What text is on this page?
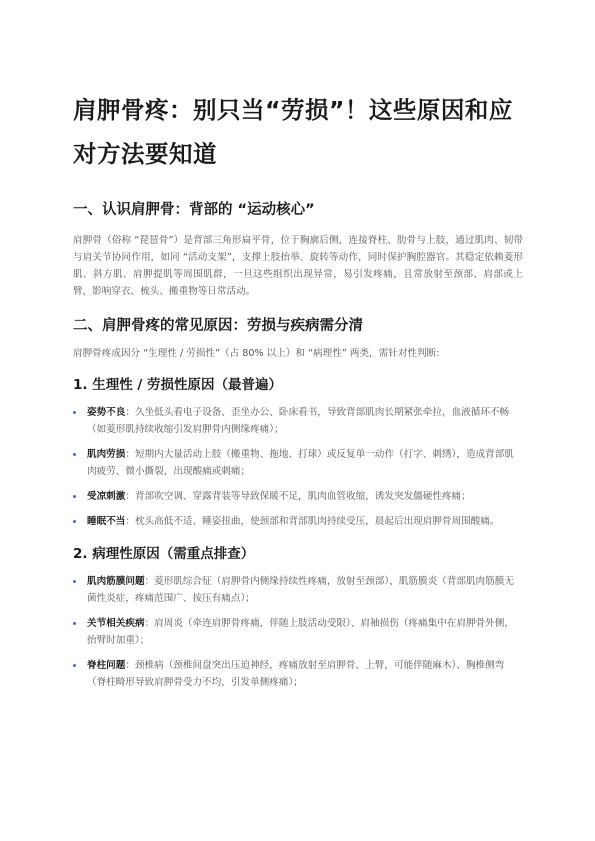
肩胛骨疼：别只当“劳损”！这些原因和应对方法要知道
一、认识肩胛骨：背部的 “运动核心”

肩胛骨（俗称 “琵琶骨”）是背部三角形扁平骨，位于胸廓后侧，连接脊柱、肋骨与上肢，通过肌肉、韧带与肩关节协同作用，如同 “活动支架”，支撑上肢抬举、旋转等动作，同时保护胸腔器官。其稳定依赖菱形肌、斜方肌、肩胛提肌等周围肌群，一旦这些组织出现异常，易引发疼痛，且常放射至颈部、肩部或上臂，影响穿衣、梳头、搬重物等日常活动。

二、肩胛骨疼的常见原因：劳损与疾病需分清

肩胛骨疼成因分 “生理性 / 劳损性”（占 80% 以上）和 “病理性” 两类，需针对性判断:

1. 生理性 / 劳损性原因（最普遍）
姿势不良：久坐低头看电子设备、歪坐办公、卧床看书，导致背部肌肉长期紧张牵拉，血液循环不畅（如菱形肌持续收缩引发肩胛骨内侧缘疼痛）；
肌肉劳损：短期内大量活动上肢（搬重物、拖地、打球）或反复单一动作（打字、刺绣），造成背部肌肉疲劳、微小撕裂，出现酸痛或刺痛；
受凉刺激：背部吹空调、穿露背装等导致保暖不足，肌肉血管收缩，诱发突发僵硬性疼痛；
睡眠不当：枕头高低不适、睡姿扭曲，使颈部和背部肌肉持续受压，晨起后出现肩胛骨周围酸痛。
2. 病理性原因（需重点排查）
肌肉筋膜问题：菱形肌综合征（肩胛骨内侧缘持续性疼痛，放射至颈部）、肌筋膜炎（背部肌肉筋膜无菌性炎症，疼痛范围广、按压有痛点）；
关节相关疾病：肩周炎（牵连肩胛骨疼痛，伴随上肢活动受限）、肩袖损伤（疼痛集中在肩胛骨外侧，抬臂时加重）；
脊柱问题：颈椎病（颈椎间盘突出压迫神经，疼痛放射至肩胛骨、上臂，可能伴随麻木）、胸椎侧弯（脊柱畸形导致肩胛骨受力不均，引发单侧疼痛）；
